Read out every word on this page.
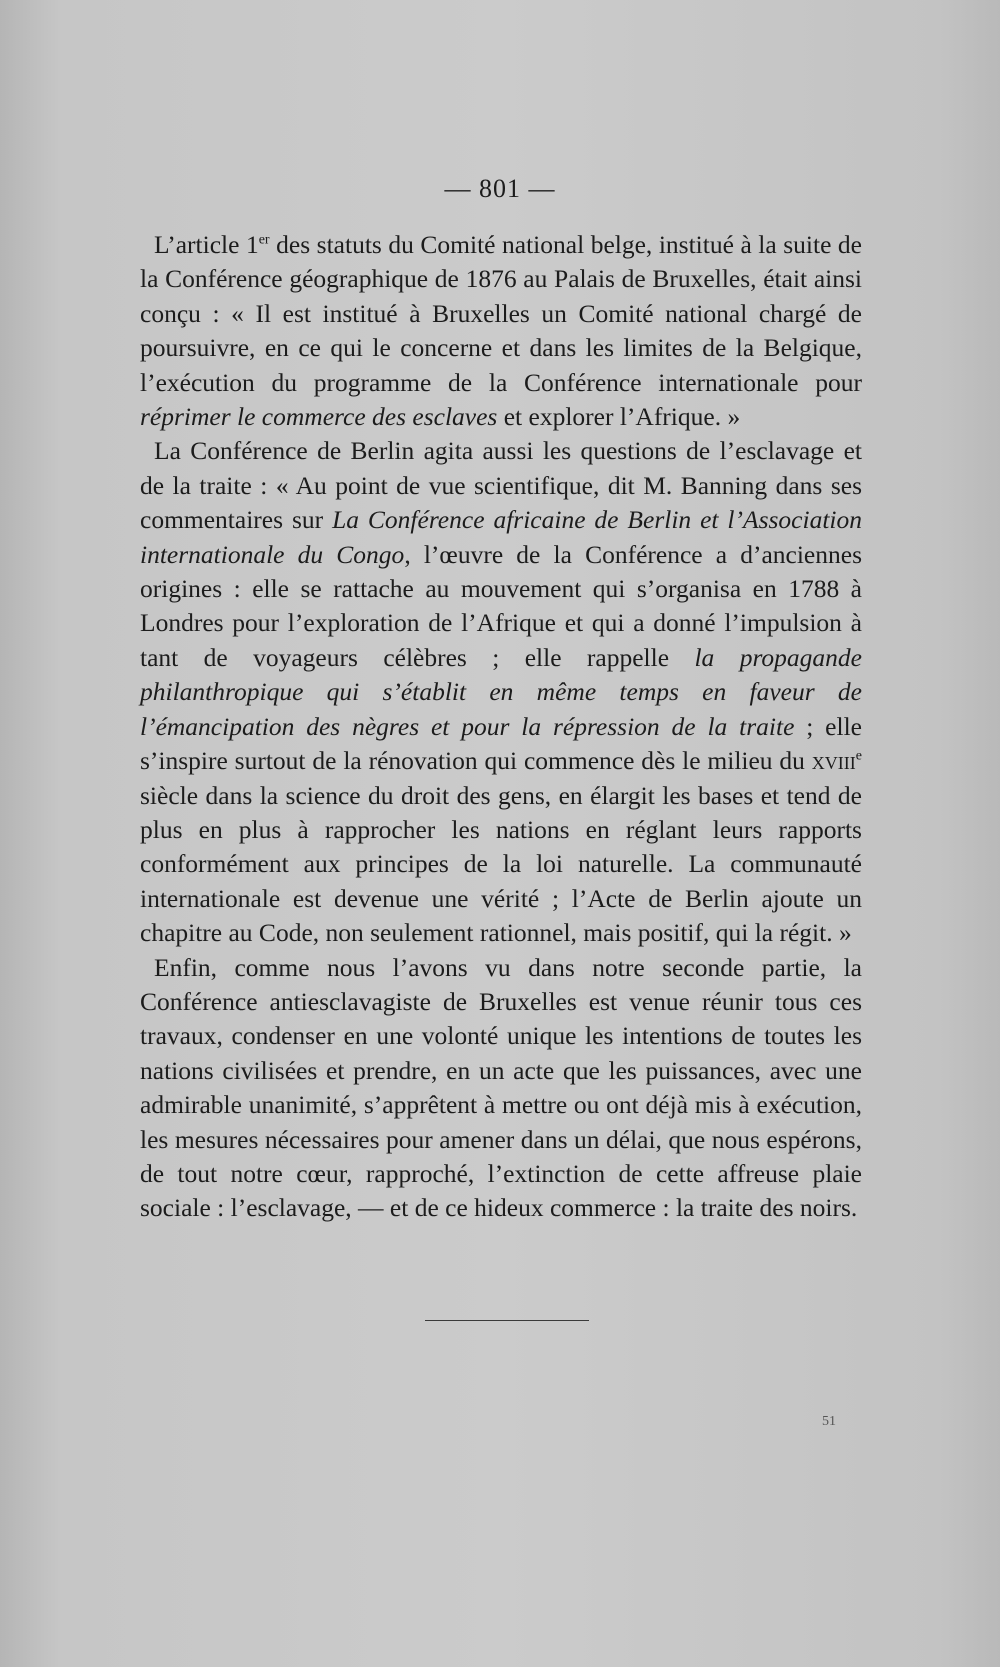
— 801 —

L’article 1er des statuts du Comité national belge, institué à la suite de la Conférence géographique de 1876 au Palais de Bruxelles, était ainsi conçu : « Il est institué à Bruxelles un Comité national chargé de poursuivre, en ce qui le concerne et dans les limites de la Belgique, l’exécution du programme de la Conférence internationale pour réprimer le commerce des esclaves et explorer l’Afrique. »

La Conférence de Berlin agita aussi les questions de l’esclavage et de la traite : « Au point de vue scientifique, dit M. Banning dans ses commentaires sur La Conférence africaine de Berlin et l’Association internationale du Congo, l’œuvre de la Conférence a d’anciennes origines : elle se rattache au mouvement qui s’organisa en 1788 à Londres pour l’exploration de l’Afrique et qui a donné l’impulsion à tant de voyageurs célèbres ; elle rappelle la propagande philanthropique qui s’établit en même temps en faveur de l’émancipation des nègres et pour la répression de la traite ; elle s’inspire surtout de la rénovation qui commence dès le milieu du xviii$^e$ siècle dans la science du droit des gens, en élargit les bases et tend de plus en plus à rapprocher les nations en réglant leurs rapports conformément aux principes de la loi naturelle. La communauté internationale est devenue une vérité ; l’Acte de Berlin ajoute un chapitre au Code, non seulement rationnel, mais positif, qui la régit. »

Enfin, comme nous l’avons vu dans notre seconde partie, la Conférence antiesclavagiste de Bruxelles est venue réunir tous ces travaux, condenser en une volonté unique les intentions de toutes les nations civilisées et prendre, en un acte que les puissances, avec une admirable unanimité, s’apprêtent à mettre ou ont déjà mis à exécution, les mesures nécessaires pour amener dans un délai, que nous espérons, de tout notre cœur, rapproché, l’extinction de cette affreuse plaie sociale : l’esclavage, — et de ce hideux commerce : la traite des noirs.

51
